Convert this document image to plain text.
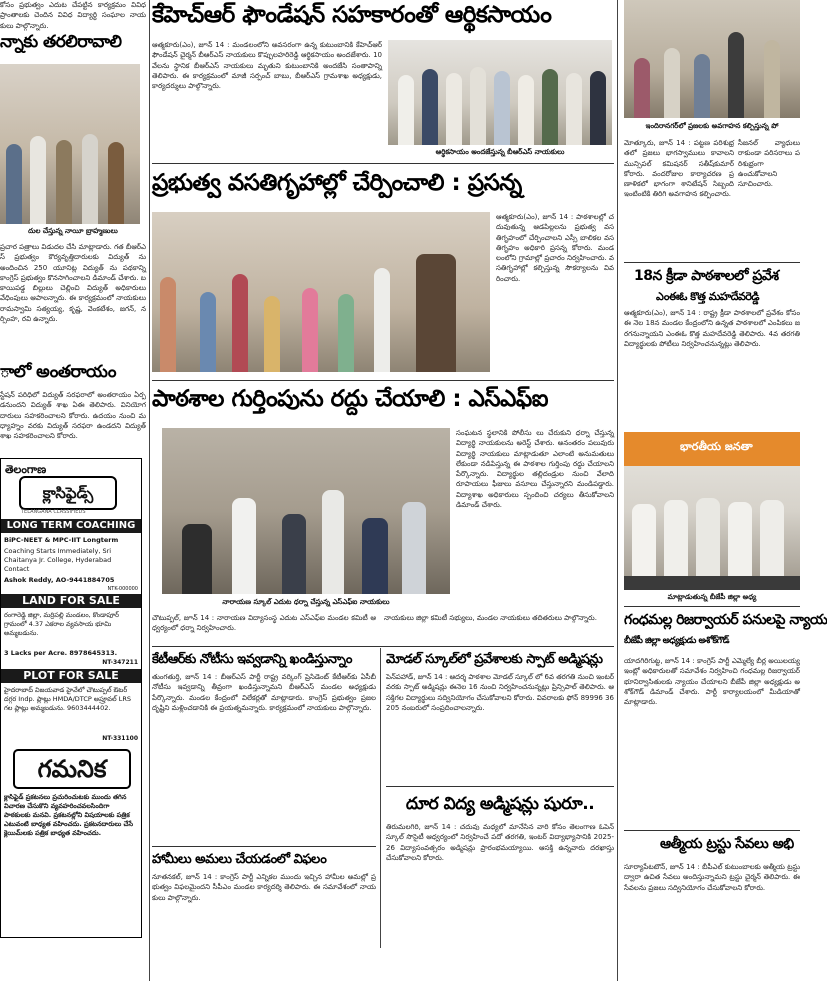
కోసం ప్రభుత్వం ఎదుట చేపట్టిన కార్యక్రమం వివిధ ప్రాంతాలకు చెందిన వివిధ విద్యార్థి సంఘాల నాయకులు పాల్గొన్నారు.
న్నాకు తరలిరావాలి
దుల చేస్తున్న నాయీ బ్రాహ్మణులు
ప్రచార పత్రాలు విడుదల చేసి మాట్లాడారు. గత బీఆర్ఎస్ ప్రభుత్వం కౌర్యవృత్తిదారులకు విద్యుత్ ను అందించిన 250 యూనిట్ల విద్యుత్ ను పథకాన్ని కాంగ్రెస్ ప్రభుత్వం కొనసాగించాలని డిమాండ్ చేశారు. బకాయిపడ్డ బిల్లులు చెల్లించి విద్యుత్ అధికారులు వేధింపులు ఆపాలన్నారు. ఈ కార్యక్రమంలో నాయకులు రామస్వామి సత్యయ్య, కృష్ణ, వెంకటేశం, జగన్, నర్సింహ, రవి ఉన్నారు.
ాలో అంతరాయం
స్టేషన్ పరిధిలో విద్యుత్ సరఫరాలో అంతరాయం ఏర్పడనుందని విద్యుత్ శాఖ ఏఈ తెలిపారు. వినియోగదారులు సహకరించాలని కోరారు. ఉదయం నుంచి మధ్యాహ్నం వరకు విద్యుత్ సరఫరా ఉండదని విద్యుత్ శాఖ సహకరించాలని కోరారు.
తెలంగాణ
క్లాసిఫైడ్స్
TELANGANA CLASSIFIEDS
LONG TERM COACHING
BiPC-NEET & MPC-IIT Longterm
Coaching Starts Immediately, Sri Chaitanya Jr. College, Hyderabad Contact
Ashok Reddy, AO-9441884705
NTK-000000
LAND FOR SALE
రంగారెడ్డి జిల్లా, మర్రిపల్లి మండలం, కొండాపూర్ గ్రామంలో 4.37 ఎకరాల వ్యవసాయ భూమి అమ్మబడును.
3 Lacks per Acre. 8978645313.
NT-347211
PLOT FOR SALE
హైదరాబాద్ విజయవాడ హైవేలో చౌటుప్పల్ ఔటర్ దగ్గర Indp. ప్లాట్లు HMDA/DTCP అప్రూవల్ LRS గల ప్లాట్లు అమ్మబడును. 9603444402.
NT-331100
గమనిక
క్లాసిఫైడ్ ప్రకటనలు ప్రచురించుటకు ముందు తగిన విచారణ చేసుకొని వ్యవహరించవలసిందిగా పాఠకులకు మనవి. ప్రకటనల్లోని విషయాలకు పత్రిక ఎటువంటి బాధ్యత వహించదు. ప్రకటనదారులు చేసే క్లెయిమ్‌లకు పత్రిక బాధ్యత వహించదు.
కేహెచ్ఆర్ ఫౌండేషన్ సహకారంతో ఆర్థికసాయం
ఆత్మకూరు(ఎం), జూన్ 14 : మండలంలోని అవసరంగా ఉన్న కుటుంబానికి కేహెచ్ఆర్ ఫౌండేషన్ చైర్మన్ బీఆర్ఎస్ నాయకులు కొప్పులహరిరెడ్డి ఆర్థికసాయం అందజేశారు. 10వేలను స్థానిక బీఆర్ఎస్ నాయకులు మృతుని కుటుంబానికి అందజేసి సంతాపాన్ని తెలిపారు. ఈ కార్యక్రమంలో మాజీ సర్పంచ్ బాబు, బీఆర్ఎస్ గ్రామశాఖ అధ్యక్షుడు, కార్యదర్శులు పాల్గొన్నారు.
ఆర్థికసాయం అందజేస్తున్న బీఆర్ఎస్ నాయకులు
ప్రభుత్వ వసతిగృహాల్లో చేర్పించాలి : ప్రసన్న
ఆత్మకూరు(ఎం), జూన్ 14 : పాఠశాలల్లో చదువుతున్న ఆడపిల్లలను ప్రభుత్వ వసతిగృహంలో చేర్పించాలని ఎస్సీ బాలికల వసతిగృహం అధికారి ప్రసన్న కోరారు. మండలంలోని గ్రామాల్లో ప్రచారం నిర్వహించారు. వసతిగృహాల్లో కల్పిస్తున్న సౌకర్యాలను వివరించారు.
పాఠశాల గుర్తింపును రద్దు చేయాలి : ఎస్ఎఫ్ఐ
నారాయణ స్కూల్ ఎదుట ధర్నా చేస్తున్న ఎస్ఎఫ్ఐ నాయకులు
సంఘటన స్థలానికి పోలీసు లు చేరుకుని ధర్నా చేస్తున్న విద్యార్థి నాయకులను అరెస్ట్ చేశారు. అనంతరం పలువురు విద్యార్థి నాయకులు మాట్లాడుతూ ఎలాంటి అనుమతులు లేకుండా నడిపిస్తున్న ఈ పాఠశాల గుర్తింపు రద్దు చేయాలని పేర్కొన్నారు. విద్యార్థుల తల్లిదండ్రుల నుంచి వేలాది రూపాయలు ఫీజులు వసూలు చేస్తున్నారని మండిపడ్డారు. విద్యాశాఖ అధికారులు స్పందించి చర్యలు తీసుకోవాలని డిమాండ్ చేశారు.
చౌటుప్పల్, జూన్ 14 : నారాయణ విద్యాసంస్థ ఎదుట ఎస్ఎఫ్ఐ మండల కమిటీ ఆధ్వర్యంలో ధర్నా నిర్వహించారు.
నాయకులు జిల్లా కమిటీ సభ్యులు, మండల నాయకులు తదితరులు పాల్గొన్నారు.
కేటీఆర్‌కు నోటీసు ఇవ్వడాన్ని ఖండిస్తున్నాం
తుంగతుర్తి, జూన్ 14 : బీఆర్ఎస్ పార్టీ రాష్ట్ర వర్కింగ్ ప్రెసిడెంట్ కేటీఆర్‌కు ఏసీబీ నోటీసు ఇవ్వడాన్ని తీవ్రంగా ఖండిస్తున్నామని బీఆర్ఎస్ మండల అధ్యక్షుడు పేర్కొన్నారు. మండల కేంద్రంలో విలేకర్లతో మాట్లాడారు. కాంగ్రెస్ ప్రభుత్వం ప్రజల దృష్టిని మళ్లించడానికి ఈ ప్రయత్నమన్నారు. కార్యక్రమంలో నాయకులు పాల్గొన్నారు.
హామీలు అమలు చేయడంలో విఫలం
నూతనకల్, జూన్ 14 : కాంగ్రెస్ పార్టీ ఎన్నికల ముందు ఇచ్చిన హామీల అమల్లో ప్రభుత్వం విఫలమైందని సీపీఎం మండల కార్యదర్శి తెలిపారు. ఈ సమావేశంలో నాయకులు పాల్గొన్నారు.
మోడల్ స్కూల్‌లో ప్రవేశాలకు స్పాట్ అడ్మిషన్లు
పెన్‌పహాడ్, జూన్ 14 : ఆదర్శ పాఠశాల మోడల్ స్కూల్ లో 6వ తరగతి నుంచి ఇంటర్ వరకు స్పాట్ అడ్మిషన్లు ఈనెల 16 నుంచి నిర్వహించనున్నట్లు ప్రిన్సిపాల్ తెలిపారు. ఆసక్తిగల విద్యార్థులు సద్వినియోగం చేసుకోవాలని కోరారు. వివరాలకు ఫోన్ 89996 36205 నంబరులో సంప్రదించాలన్నారు.
దూర విద్య అడ్మిషన్లు షురూ..
తిరుమలగిరి, జూన్ 14 : చదువు మధ్యలో మానేసిన వారి కోసం తెలంగాణ ఓపెన్ స్కూల్ సొసైటీ ఆధ్వర్యంలో నిర్వహించే పదో తరగతి, ఇంటర్ విద్యాభ్యాసానికి 2025-26 విద్యాసంవత్సరం అడ్మిషన్లు ప్రారంభమయ్యాయి. ఆసక్తి ఉన్నవారు దరఖాస్తు చేసుకోవాలని కోరారు.
ఇందిరానగర్‌లో ప్రజలకు అవగాహన కల్పిస్తున్న పో
మోత్కూరు, జూన్ 14 : పట్టణ పరిశుభ్రతలో ప్రజలు భాగస్వాములు కావాలని మున్సిపల్ కమిషనర్ సతీష్‌కుమార్ కోరారు. వందరోజుల కార్యాచరణ ప్రణాళికలో భాగంగా శానిటేషన్ సిబ్బంది ఇంటింటికి తిరిగి అవగాహన కల్పించారు.
సీజనల్ వ్యాధులు రాకుండా పరిసరాలు పరిశుభ్రంగా ఉంచుకోవాలని సూచించారు.
18న క్రీడా పాఠశాలలో ప్రవేశ
ఎంఈఓ కొత్త మహదేవరెడ్డి
ఆత్మకూరు(ఎం), జూన్ 14 : రాష్ట్ర క్రీడా పాఠశాలలో ప్రవేశం కోసం ఈ నెల 18న మండల కేంద్రంలోని ఉన్నత పాఠశాలలో ఎంపికలు జరగనున్నాయని ఎంఈఓ కొత్త మహదేవరెడ్డి తెలిపారు. 4వ తరగతి విద్యార్థులకు పోటీలు నిర్వహించనున్నట్లు తెలిపారు.
భారతీయ జనతా
మాట్లాడుతున్న బీజేపీ జిల్లా అధ్య
గంధమల్ల రిజర్వాయర్ పనులపై న్యాయ
బీజేపీ జిల్లా అధ్యక్షుడు అశోక్‌గౌడ్
యాదగిరిగుట్ట, జూన్ 14 : కాంగ్రెస్ పార్టీ ఎమ్మెల్యే బీర్ల అయిలయ్య ఇంట్లో అధికారులతో సమావేశం నిర్వహించి గంధమల్ల రిజర్వాయర్ భూనిర్వాసితులకు న్యాయం చేయాలని బీజేపీ జిల్లా అధ్యక్షుడు అశోక్‌గౌడ్ డిమాండ్ చేశారు. పార్టీ కార్యాలయంలో మీడియాతో మాట్లాడారు.
ఆత్మీయ ట్రస్టు సేవలు అభి
సూర్యాపేటటౌన్, జూన్ 14 : బీపీఎల్ కుటుంబాలకు ఆత్మీయ ట్రస్టు ద్వారా ఉచిత సేవలు అందిస్తున్నామని ట్రస్టు చైర్మన్ తెలిపారు. ఈ సేవలను ప్రజలు సద్వినియోగం చేసుకోవాలని కోరారు.
